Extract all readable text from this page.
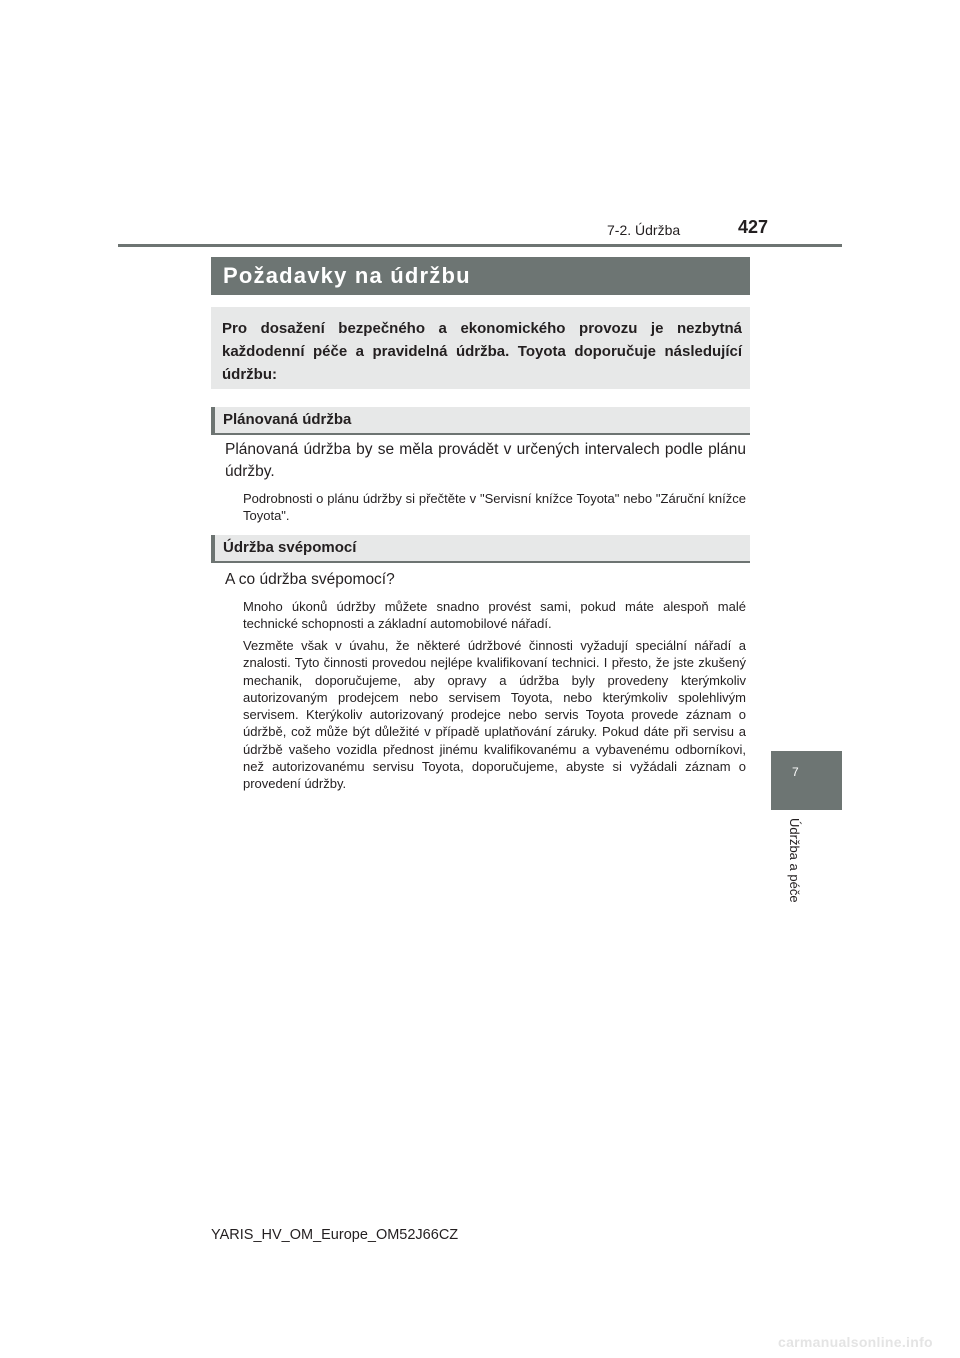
7-2. Údržba	427
Požadavky na údržbu

Pro dosažení bezpečného a ekonomického provozu je nezbytná každodenní péče a pravidelná údržba. Toyota doporučuje následující údržbu:

Plánovaná údržba

Plánovaná údržba by se měla provádět v určených intervalech podle plánu údržby.

Podrobnosti o plánu údržby si přečtěte v "Servisní knížce Toyota" nebo "Záruční knížce Toyota".

Údržba svépomocí

A co údržba svépomocí?

Mnoho úkonů údržby můžete snadno provést sami, pokud máte alespoň malé technické schopnosti a základní automobilové nářadí.

Vezměte však v úvahu, že některé údržbové činnosti vyžadují speciální nářadí a znalosti. Tyto činnosti provedou nejlépe kvalifikovaní technici. I přesto, že jste zkušený mechanik, doporučujeme, aby opravy a údržba byly provedeny kterýmkoliv autorizovaným prodejcem nebo servisem Toyota, nebo kterýmkoliv spolehlivým servisem. Kterýkoliv autorizovaný prodejce nebo servis Toyota provede záznam o údržbě, což může být důležité v případě uplatňování záruky. Pokud dáte při servisu a údržbě vašeho vozidla přednost jinému kvalifikovanému a vybavenému odborníkovi, než autorizovanému servisu Toyota, doporučujeme, abyste si vyžádali záznam o provedení údržby.

7
Údržba a péče
YARIS_HV_OM_Europe_OM52J66CZ
carmanualsonline.info
